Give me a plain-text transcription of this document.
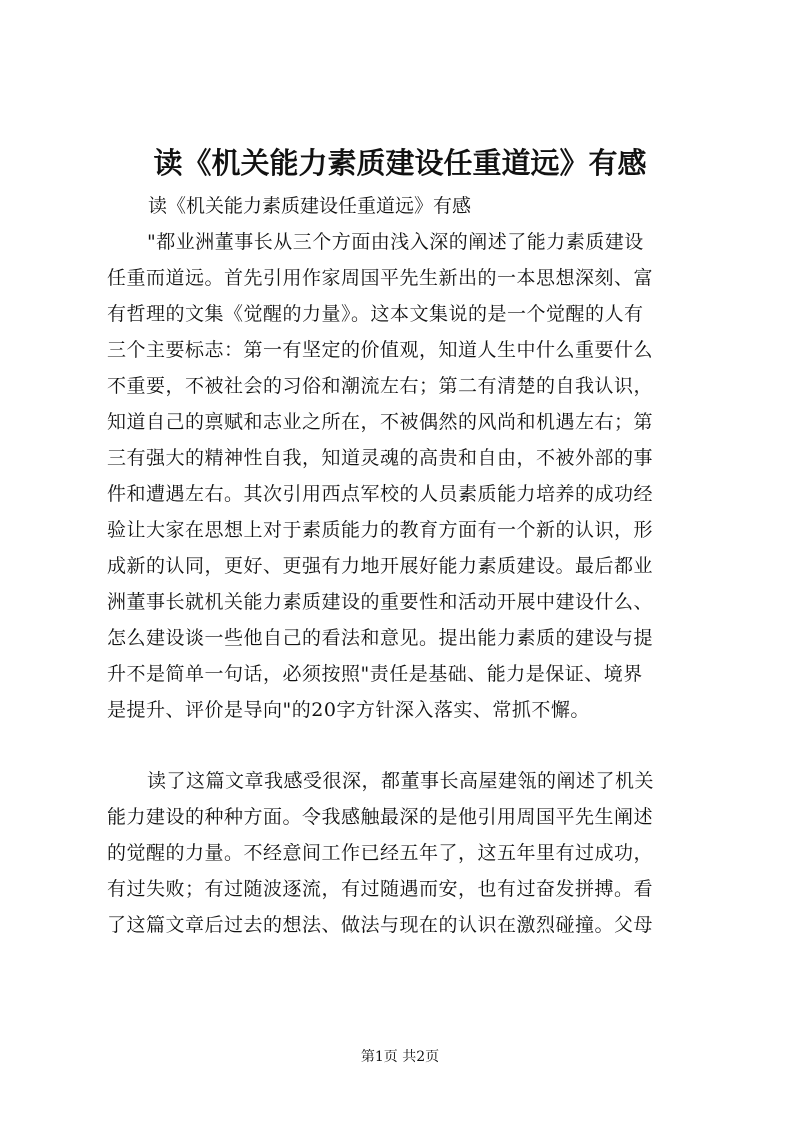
读《机关能力素质建设任重道远》有感

读《机关能力素质建设任重道远》有感

"都业洲董事长从三个方面由浅入深的阐述了能力素质建设
任重而道远。首先引用作家周国平先生新出的一本思想深刻、富
有哲理的文集《觉醒的力量》。这本文集说的是一个觉醒的人有
三个主要标志：第一有坚定的价值观，知道人生中什么重要什么
不重要，不被社会的习俗和潮流左右；第二有清楚的自我认识，
知道自己的禀赋和志业之所在，不被偶然的风尚和机遇左右；第
三有强大的精神性自我，知道灵魂的高贵和自由，不被外部的事
件和遭遇左右。其次引用西点军校的人员素质能力培养的成功经
验让大家在思想上对于素质能力的教育方面有一个新的认识，形
成新的认同，更好、更强有力地开展好能力素质建设。最后都业
洲董事长就机关能力素质建设的重要性和活动开展中建设什么、
怎么建设谈一些他自己的看法和意见。提出能力素质的建设与提
升不是简单一句话，必须按照"责任是基础、能力是保证、境界
是提升、评价是导向"的20字方针深入落实、常抓不懈。
读了这篇文章我感受很深，都董事长高屋建瓴的阐述了机关
能力建设的种种方面。令我感触最深的是他引用周国平先生阐述
的觉醒的力量。不经意间工作已经五年了，这五年里有过成功，
有过失败；有过随波逐流，有过随遇而安，也有过奋发拼搏。看
了这篇文章后过去的想法、做法与现在的认识在激烈碰撞。父母
第1页 共2页
